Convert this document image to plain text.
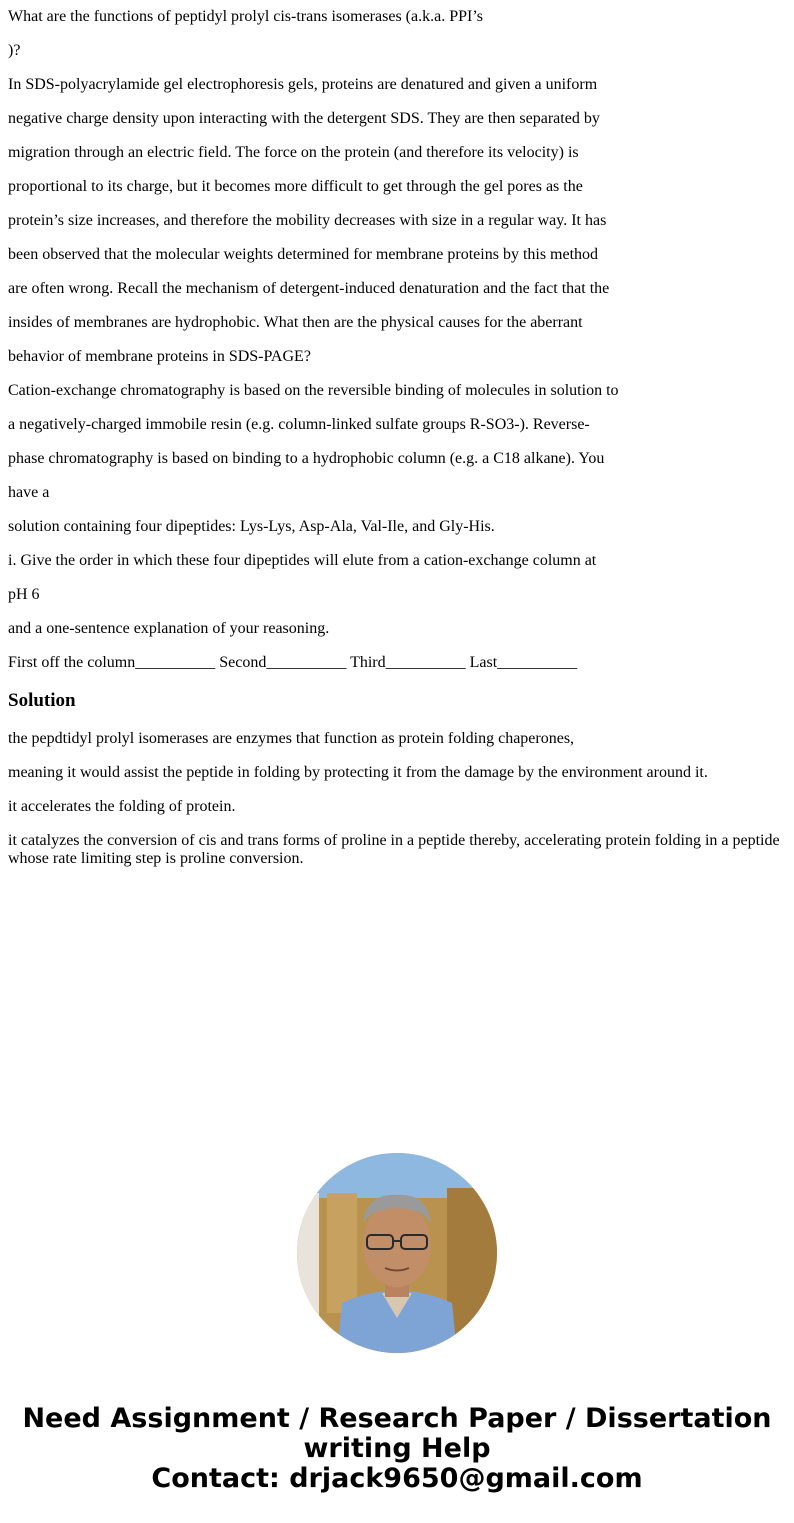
What are the functions of peptidyl prolyl cis-trans isomerases (a.k.a. PPI’s

)?

In SDS-polyacrylamide gel electrophoresis gels, proteins are denatured and given a uniform

negative charge density upon interacting with the detergent SDS. They are then separated by

migration through an electric field. The force on the protein (and therefore its velocity) is

proportional to its charge, but it becomes more difficult to get through the gel pores as the

protein’s size increases, and therefore the mobility decreases with size in a regular way. It has

been observed that the molecular weights determined for membrane proteins by this method

are often wrong. Recall the mechanism of detergent-induced denaturation and the fact that the

insides of membranes are hydrophobic. What then are the physical causes for the aberrant

behavior of membrane proteins in SDS-PAGE?

Cation-exchange chromatography is based on the reversible binding of molecules in solution to

a negatively-charged immobile resin (e.g. column-linked sulfate groups R-SO3-). Reverse-

phase chromatography is based on binding to a hydrophobic column (e.g. a C18 alkane). You

have a

solution containing four dipeptides: Lys-Lys, Asp-Ala, Val-Ile, and Gly-His.

i. Give the order in which these four dipeptides will elute from a cation-exchange column at

pH 6

and a one-sentence explanation of your reasoning.

First off the column__________ Second__________ Third__________ Last__________

Solution

the pepdtidyl prolyl isomerases are enzymes that function as protein folding chaperones,

meaning it would assist the peptide in folding by protecting it from the damage by the environment around it.

it accelerates the folding of protein.

it catalyzes the conversion of cis and trans forms of proline in a peptide thereby, accelerating protein folding in a peptide whose rate limiting step is proline conversion.

Need Assignment / Research Paper / Dissertation
writing Help
Contact: drjack9650@gmail.com
